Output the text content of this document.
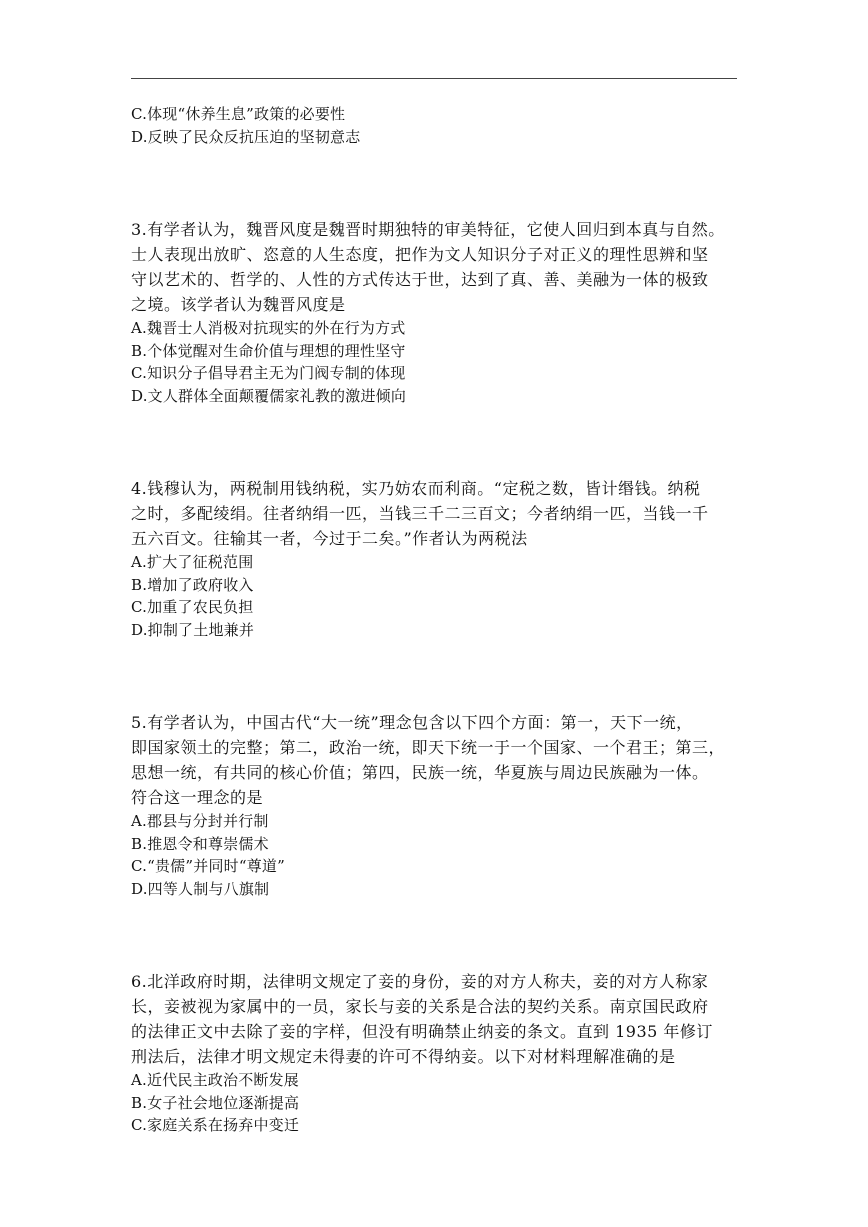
C.体现“休养生息”政策的必要性
D.反映了民众反抗压迫的坚韧意志
3.有学者认为，魏晋风度是魏晋时期独特的审美特征，它使人回归到本真与自然。
士人表现出放旷、恣意的人生态度，把作为文人知识分子对正义的理性思辨和坚
守以艺术的、哲学的、人性的方式传达于世，达到了真、善、美融为一体的极致
之境。该学者认为魏晋风度是
A.魏晋士人消极对抗现实的外在行为方式
B.个体觉醒对生命价值与理想的理性坚守
C.知识分子倡导君主无为门阀专制的体现
D.文人群体全面颠覆儒家礼教的激进倾向
4.钱穆认为，两税制用钱纳税，实乃妨农而利商。“定税之数，皆计缗钱。纳税
之时，多配绫绢。往者纳绢一匹，当钱三千二三百文；今者纳绢一匹，当钱一千
五六百文。往输其一者，今过于二矣。”作者认为两税法
A.扩大了征税范围
B.增加了政府收入
C.加重了农民负担
D.抑制了土地兼并
5.有学者认为，中国古代“大一统”理念包含以下四个方面：第一，天下一统，
即国家领土的完整；第二，政治一统，即天下统一于一个国家、一个君王；第三，
思想一统，有共同的核心价值；第四，民族一统，华夏族与周边民族融为一体。
符合这一理念的是
A.郡县与分封并行制
B.推恩令和尊崇儒术
C.“贵儒”并同时“尊道”
D.四等人制与八旗制
6.北洋政府时期，法律明文规定了妾的身份，妾的对方人称夫，妾的对方人称家
长，妾被视为家属中的一员，家长与妾的关系是合法的契约关系。南京国民政府
的法律正文中去除了妾的字样，但没有明确禁止纳妾的条文。直到 1935 年修订
刑法后，法律才明文规定未得妻的许可不得纳妾。以下对材料理解准确的是
A.近代民主政治不断发展
B.女子社会地位逐渐提高
C.家庭关系在扬弃中变迁
